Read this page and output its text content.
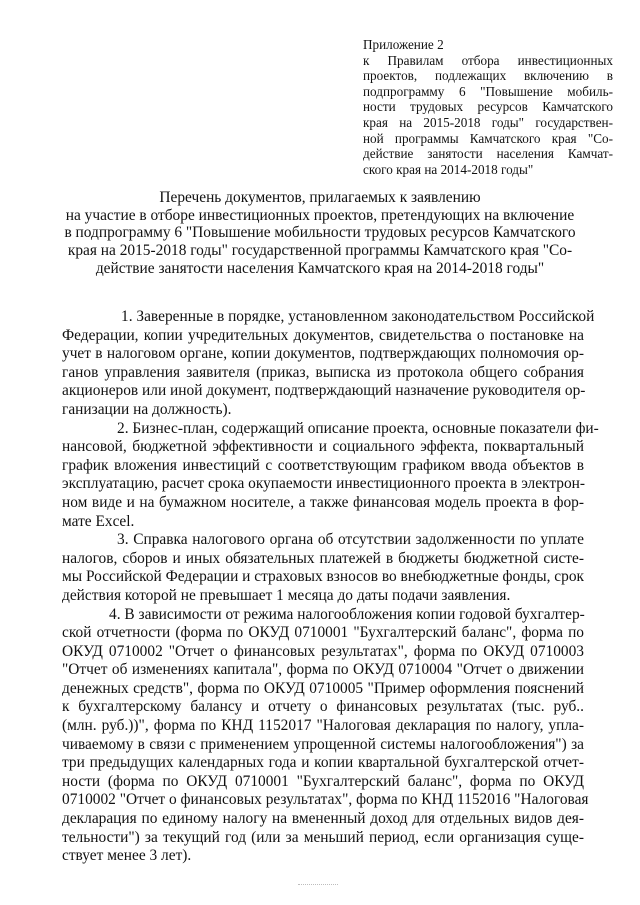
Приложение 2
к Правилам отбора инвестиционных
проектов, подлежащих включению в
подпрограмму 6 "Повышение мобиль-
ности трудовых ресурсов Камчатского
края на 2015-2018 годы" государствен-
ной программы Камчатского края "Со-
действие занятости населения Камчат-
ского края на 2014-2018 годы"
Перечень документов, прилагаемых к заявлению
на участие в отборе инвестиционных проектов, претендующих на включение
в подпрограмму 6 "Повышение мобильности трудовых ресурсов Камчатского
края на 2015-2018 годы" государственной программы Камчатского края "Со-
действие занятости населения Камчатского края на 2014-2018 годы"
1. Заверенные в порядке, установленном законодательством Российской
Федерации, копии учредительных документов, свидетельства о постановке на
учет в налоговом органе, копии документов, подтверждающих полномочия ор-
ганов управления заявителя (приказ, выписка из протокола общего собрания
акционеров или иной документ, подтверждающий назначение руководителя ор-
ганизации на должность).
2. Бизнес-план, содержащий описание проекта, основные показатели фи-
нансовой, бюджетной эффективности и социального эффекта, поквартальный
график вложения инвестиций с соответствующим графиком ввода объектов в
эксплуатацию, расчет срока окупаемости инвестиционного проекта в электрон-
ном виде и на бумажном носителе, а также финансовая модель проекта в фор-
мате Excel.
3. Справка налогового органа об отсутствии задолженности по уплате
налогов, сборов и иных обязательных платежей в бюджеты бюджетной систе-
мы Российской Федерации и страховых взносов во внебюджетные фонды, срок
действия которой не превышает 1 месяца до даты подачи заявления.
4. В зависимости от режима налогообложения копии годовой бухгалтер-
ской отчетности (форма по ОКУД 0710001 "Бухгалтерский баланс", форма по
ОКУД 0710002 "Отчет о финансовых результатах", форма по ОКУД 0710003
"Отчет об изменениях капитала", форма по ОКУД 0710004 "Отчет о движении
денежных средств", форма по ОКУД 0710005 "Пример оформления пояснений
к бухгалтерскому балансу и отчету о финансовых результатах (тыс. руб..
(млн. руб.))", форма по КНД 1152017 "Налоговая декларация по налогу, упла-
чиваемому в связи с применением упрощенной системы налогообложения") за
три предыдущих календарных года и копии квартальной бухгалтерской отчет-
ности (форма по ОКУД 0710001 "Бухгалтерский баланс", форма по ОКУД
0710002 "Отчет о финансовых результатах", форма по КНД 1152016 "Налоговая
декларация по единому налогу на вмененный доход для отдельных видов дея-
тельности") за текущий год (или за меньший период, если организация суще-
ствует менее 3 лет).
